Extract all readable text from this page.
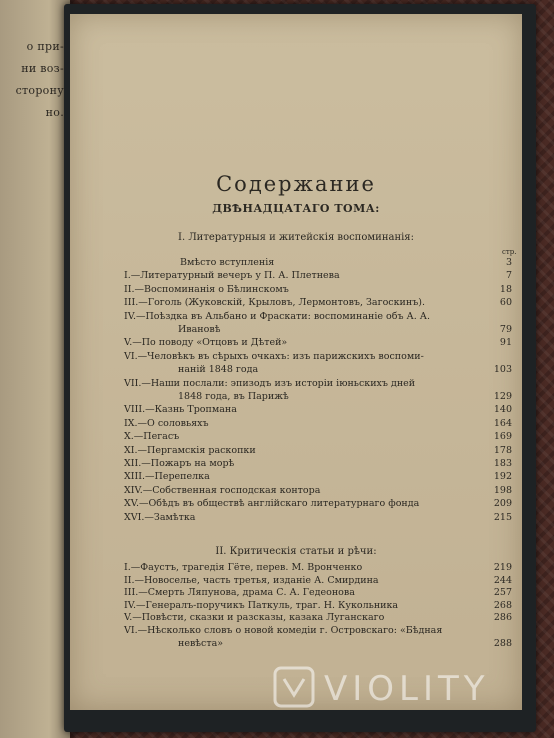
о при-
ни воз-
сторону
но.
Содержание
ДВѢНАДЦАТАГО ТОМА:
I. Литературныя и житейскія воспоминанія:
стр.
Вмѣсто вступленія	3
I.—Литературный вечеръ у П. А. Плетнева	7
II.—Воспоминанія о Бѣлинскомъ	18
III.—Гоголь (Жуковскій, Крыловъ, Лермонтовъ, Загоскинъ).	60
IV.—Поѣздка въ Альбано и Фраскати: воспоминаніе объ А. А.
Ивановѣ	79
V.—По поводу «Отцовъ и Дѣтей»	91
VI.—Человѣкъ въ сѣрыхъ очкахъ: изъ парижскихъ воспоми-
наній 1848 года	103
VII.—Наши послали: эпизодъ изъ исторіи іюньскихъ дней
1848 года, въ Парижѣ	129
VIII.—Казнь Тропмана	140
IX.—О соловьяхъ	164
X.—Пегасъ	169
XI.—Пергамскія раскопки	178
XII.—Пожаръ на морѣ	183
XIII.—Перепелка	192
XIV.—Собственная господская контора	198
XV.—Обѣдъ въ обществѣ англійскаго литературнаго фонда	209
XVI.—Замѣтка	215
II. Критическія статьи и рѣчи:
I.—Фаустъ, трагедія Гёте, перев. М. Вронченко	219
II.—Новоселье, часть третья, изданіе А. Смирдина	244
III.—Смерть Ляпунова, драма С. А. Гедеонова	257
IV.—Генералъ-поручикъ Паткуль, траг. Н. Кукольника	268
V.—Повѣсти, сказки и разсказы, казака Луганскаго	286
VI.—Нѣсколько словъ о новой комедіи г. Островскаго: «Бѣдная
невѣста»	288
VIOLITY
